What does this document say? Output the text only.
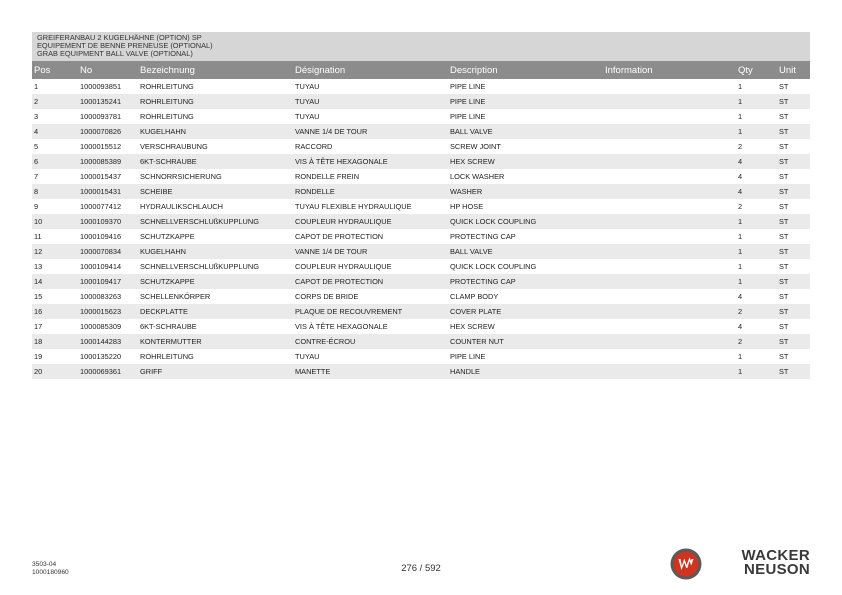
GREIFERANBAU 2 KUGELHÄHNE (OPTION) SP
EQUIPEMENT DE BENNE PRENEUSE (OPTIONAL)
GRAB EQUIPMENT BALL VALVE (OPTIONAL)
Pos	No	Bezeichnung	Désignation	Description	Information	Qty	Unit
1	1000093851	ROHRLEITUNG	TUYAU	PIPE LINE		1	ST
2	1000135241	ROHRLEITUNG	TUYAU	PIPE LINE		1	ST
3	1000093781	ROHRLEITUNG	TUYAU	PIPE LINE		1	ST
4	1000070826	KUGELHAHN	VANNE 1/4 DE TOUR	BALL VALVE		1	ST
5	1000015512	VERSCHRAUBUNG	RACCORD	SCREW JOINT		2	ST
6	1000085389	6KT-SCHRAUBE	VIS À TÊTE HEXAGONALE	HEX SCREW		4	ST
7	1000015437	SCHNORRSICHERUNG	RONDELLE FREIN	LOCK WASHER		4	ST
8	1000015431	SCHEIBE	RONDELLE	WASHER		4	ST
9	1000077412	HYDRAULIKSCHLAUCH	TUYAU FLEXIBLE HYDRAULIQUE	HP HOSE		2	ST
10	1000109370	SCHNELLVERSCHLUßKUPPLUNG	COUPLEUR HYDRAULIQUE	QUICK LOCK COUPLING		1	ST
11	1000109416	SCHUTZKAPPE	CAPOT DE PROTECTION	PROTECTING CAP		1	ST
12	1000070834	KUGELHAHN	VANNE 1/4 DE TOUR	BALL VALVE		1	ST
13	1000109414	SCHNELLVERSCHLUßKUPPLUNG	COUPLEUR HYDRAULIQUE	QUICK LOCK COUPLING		1	ST
14	1000109417	SCHUTZKAPPE	CAPOT DE PROTECTION	PROTECTING CAP		1	ST
15	1000083263	SCHELLENKÖRPER	CORPS DE BRIDE	CLAMP BODY		4	ST
16	1000015623	DECKPLATTE	PLAQUE DE RECOUVREMENT	COVER PLATE		2	ST
17	1000085309	6KT-SCHRAUBE	VIS À TÊTE HEXAGONALE	HEX SCREW		4	ST
18	1000144283	KONTERMUTTER	CONTRE-ÉCROU	COUNTER NUT		2	ST
19	1000135220	ROHRLEITUNG	TUYAU	PIPE LINE		1	ST
20	1000069361	GRIFF	MANETTE	HANDLE		1	ST
3503-04
1000180960	276 / 592
WACKER
NEUSON
